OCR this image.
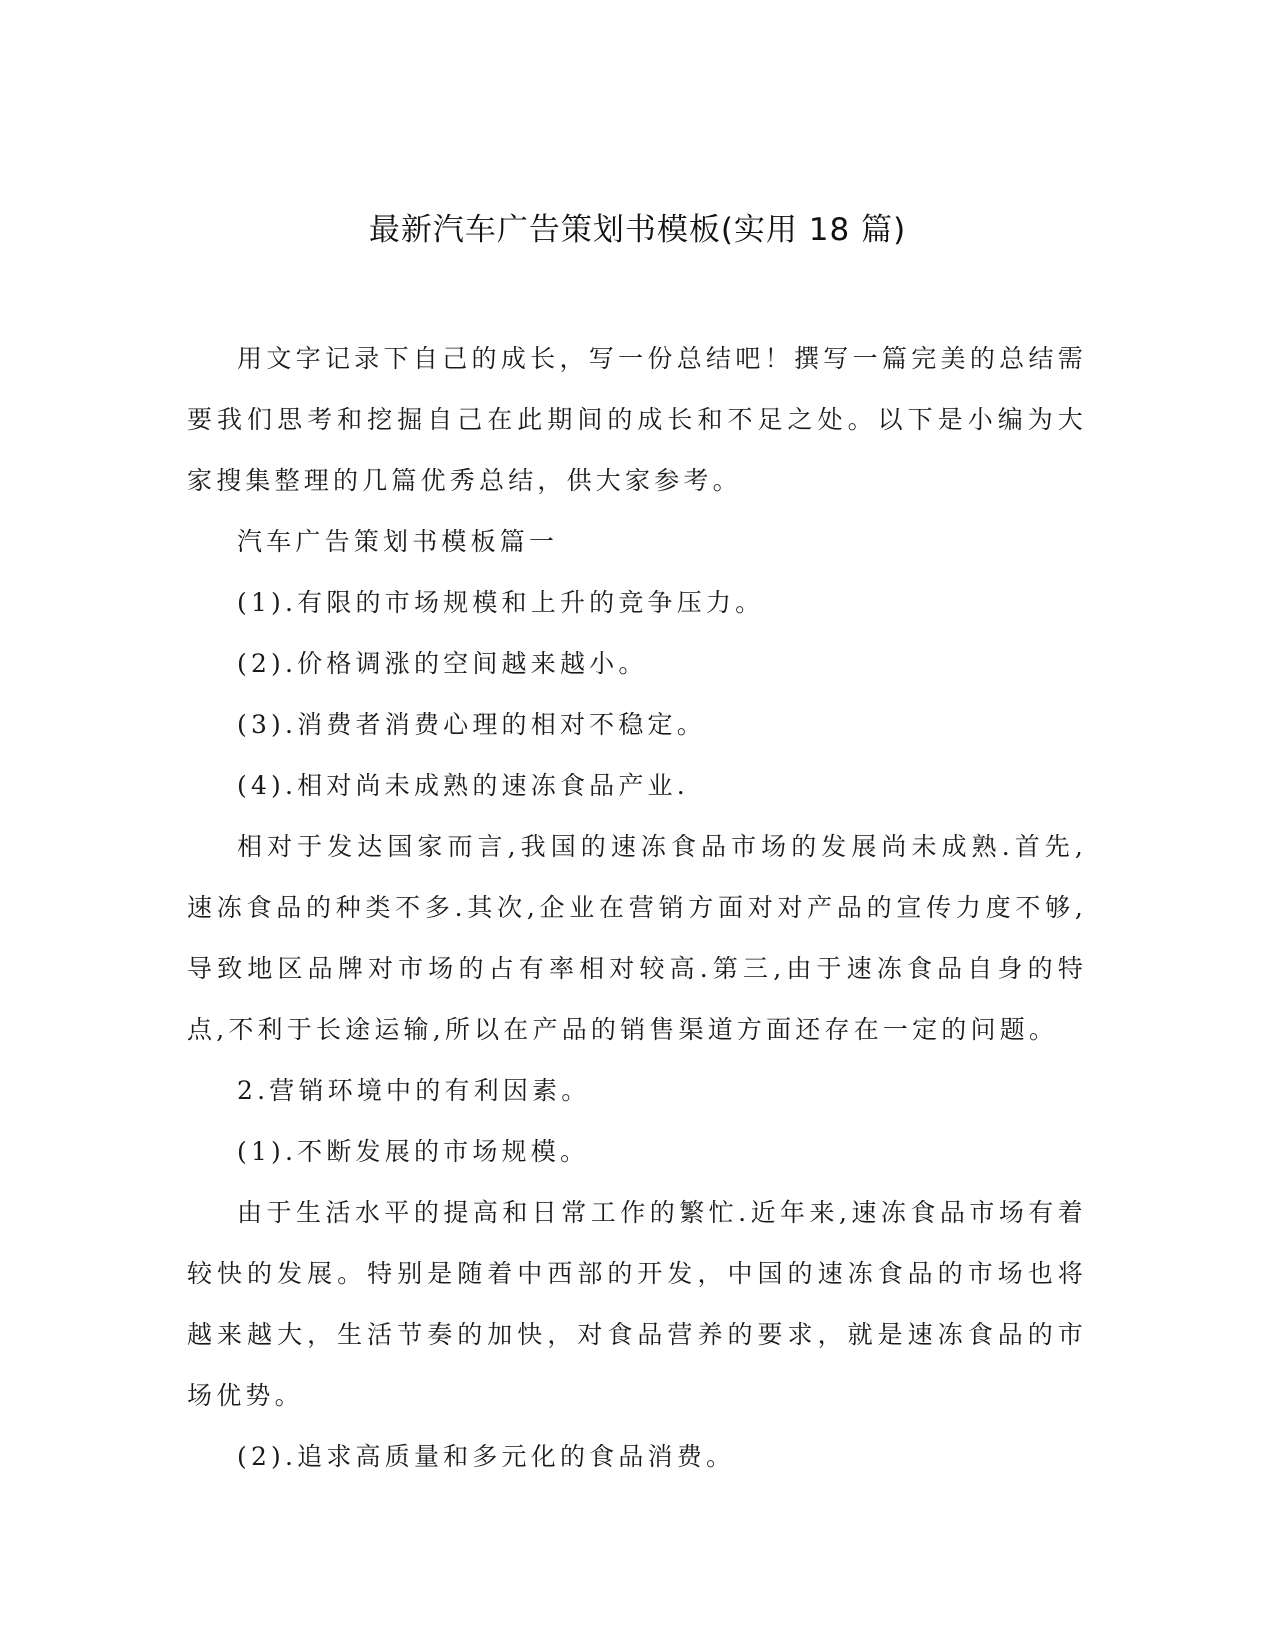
最新汽车广告策划书模板(实用 18 篇)

用文字记录下自己的成长，写一份总结吧！撰写一篇完美的总结需要我们思考和挖掘自己在此期间的成长和不足之处。以下是小编为大家搜集整理的几篇优秀总结，供大家参考。

汽车广告策划书模板篇一

(1).有限的市场规模和上升的竞争压力。

(2).价格调涨的空间越来越小。

(3).消费者消费心理的相对不稳定。

(4).相对尚未成熟的速冻食品产业.

相对于发达国家而言,我国的速冻食品市场的发展尚未成熟.首先,速冻食品的种类不多.其次,企业在营销方面对对产品的宣传力度不够,导致地区品牌对市场的占有率相对较高.第三,由于速冻食品自身的特点,不利于长途运输,所以在产品的销售渠道方面还存在一定的问题。

2.营销环境中的有利因素。

(1).不断发展的市场规模。

由于生活水平的提高和日常工作的繁忙.近年来,速冻食品市场有着较快的发展。特别是随着中西部的开发，中国的速冻食品的市场也将越来越大，生活节奏的加快，对食品营养的要求，就是速冻食品的市场优势。

(2).追求高质量和多元化的食品消费。
